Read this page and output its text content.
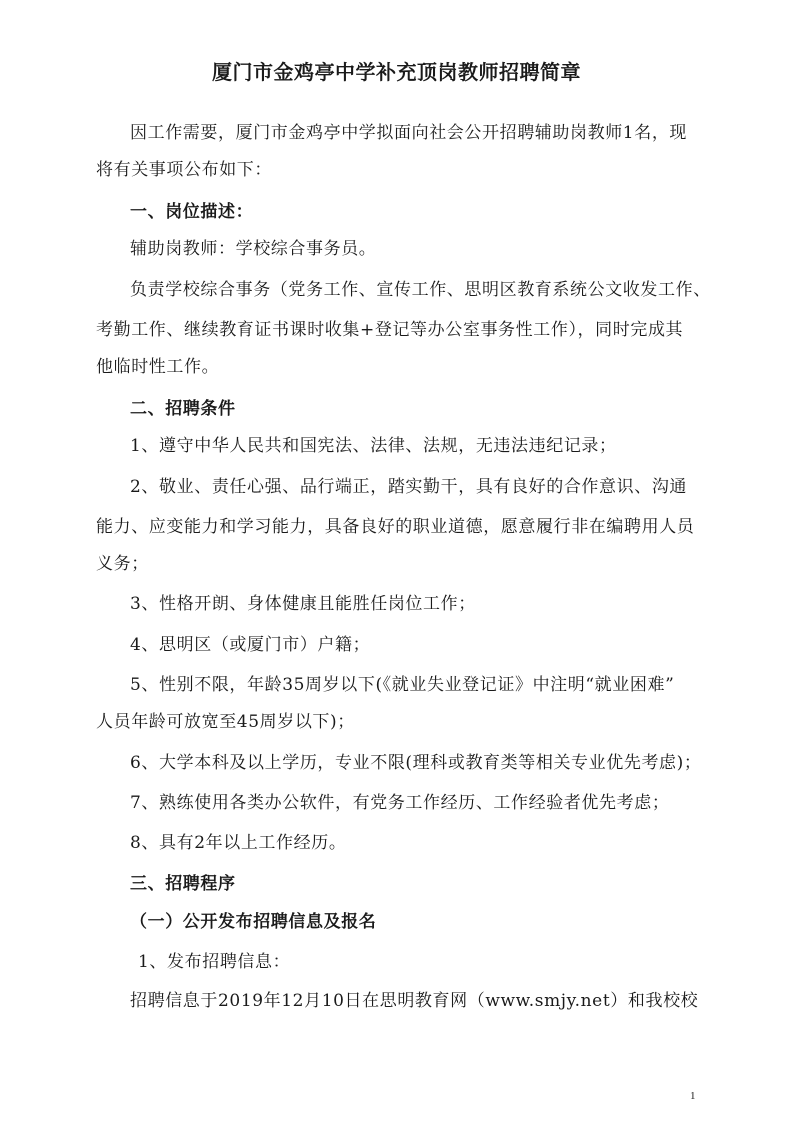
厦门市金鸡亭中学补充顶岗教师招聘简章
因工作需要，厦门市金鸡亭中学拟面向社会公开招聘辅助岗教师1名，现
将有关事项公布如下：
一、岗位描述：
辅助岗教师：学校综合事务员。
负责学校综合事务（党务工作、宣传工作、思明区教育系统公文收发工作、
考勤工作、继续教育证书课时收集+登记等办公室事务性工作），同时完成其
他临时性工作。
二、招聘条件
1、遵守中华人民共和国宪法、法律、法规，无违法违纪记录；
2、敬业、责任心强、品行端正，踏实勤干，具有良好的合作意识、沟通
能力、应变能力和学习能力，具备良好的职业道德，愿意履行非在编聘用人员
义务；
3、性格开朗、身体健康且能胜任岗位工作；
4、思明区（或厦门市）户籍；
5、性别不限，年龄35周岁以下(《就业失业登记证》中注明“就业困难”
人员年龄可放宽至45周岁以下)；
6、大学本科及以上学历，专业不限(理科或教育类等相关专业优先考虑)；
7、熟练使用各类办公软件，有党务工作经历、工作经验者优先考虑；
8、具有2年以上工作经历。
三、招聘程序
（一）公开发布招聘信息及报名
1、发布招聘信息：
招聘信息于2019年12月10日在思明教育网（www.smjy.net）和我校校
1
